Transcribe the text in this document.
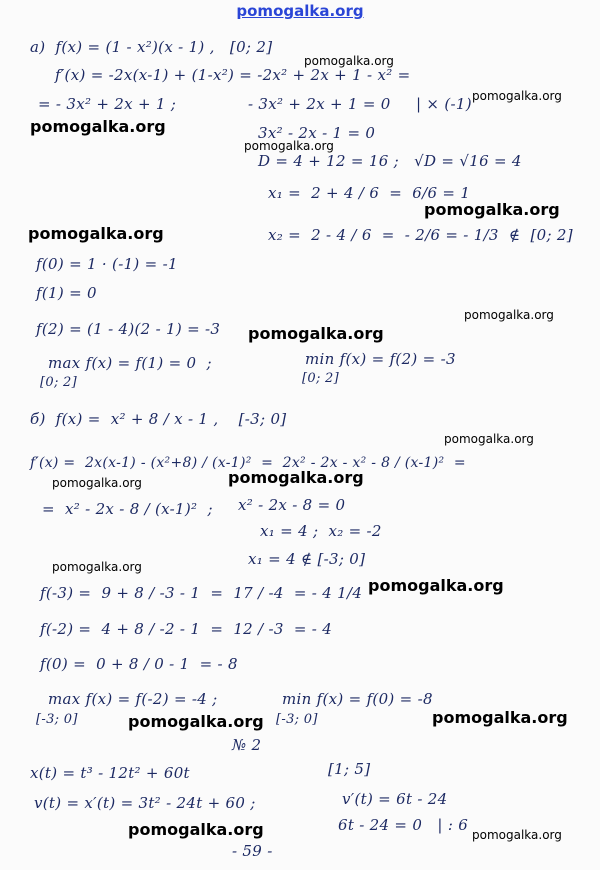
pomogalka.org
a)  f(x) = (1 - x²)(x - 1) ,   [0; 2]
f′(x) = -2x(x-1) + (1-x²) = -2x² + 2x + 1 - x² =
= - 3x² + 2x + 1 ;	- 3x² + 2x + 1 = 0     | × (-1)
3x² - 2x - 1 = 0
D = 4 + 12 = 16 ;   √D = √16 = 4
x₁ =  2 + 4 / 6  =  6/6 = 1
x₂ =  2 - 4 / 6  =  - 2/6 = - 1/3  ∉  [0; 2]
f(0) = 1 · (-1) = -1
f(1) = 0
f(2) = (1 - 4)(2 - 1) = -3
max f(x) = f(1) = 0  ;	min f(x) = f(2) = -3
[0; 2]	[0; 2]
б)  f(x) =  x² + 8 / x - 1 ,    [-3; 0]
f′(x) =  2x(x-1) - (x²+8) / (x-1)²  =  2x² - 2x - x² - 8 / (x-1)²  =
=  x² - 2x - 8 / (x-1)²  ; x² - 2x - 8 = 0
x₁ = 4 ;  x₂ = -2
x₁ = 4 ∉ [-3; 0]
f(-3) =  9 + 8 / -3 - 1  =  17 / -4  = - 4 1/4
f(-2) =  4 + 8 / -2 - 1  =  12 / -3  = - 4
f(0) =  0 + 8 / 0 - 1  = - 8
max f(x) = f(-2) = -4 ;	min f(x) = f(0) = -8
[-3; 0]	[-3; 0]
№ 2
x(t) = t³ - 12t² + 60t	[1; 5]
v(t) = x′(t) = 3t² - 24t + 60 ;	v′(t) = 6t - 24
6t - 24 = 0   | : 6
- 59 -
pomogalka.org
pomogalka.org
pomogalka.org
pomogalka.org
pomogalka.org
pomogalka.org
pomogalka.org
pomogalka.org
pomogalka.org
pomogalka.org
pomogalka.org
pomogalka.org
pomogalka.org
pomogalka.org
pomogalka.org
pomogalka.org	pomogalka.org
